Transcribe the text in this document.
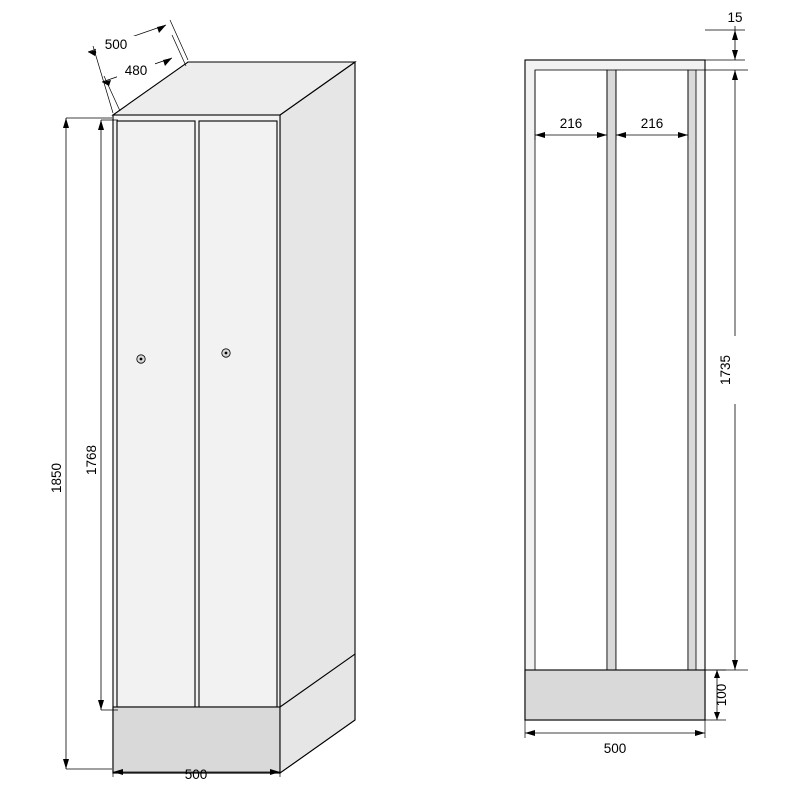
500
480
1850
1768
500
15
216	216
1735
100
500
